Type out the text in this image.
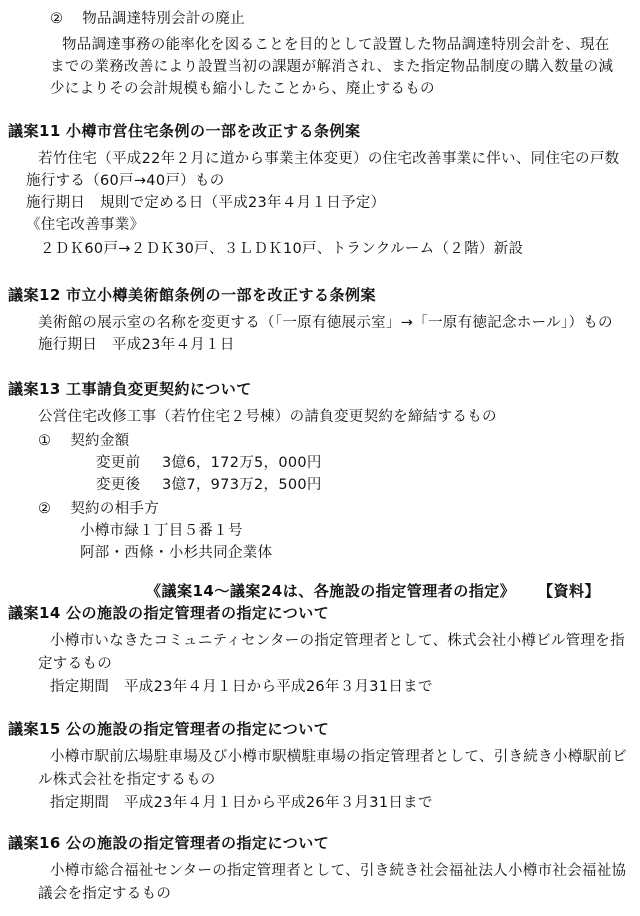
② 物品調達特別会計の廃止
物品調達事務の能率化を図ることを目的として設置した物品調達特別会計を、現在
までの業務改善により設置当初の課題が解消され、また指定物品制度の購入数量の減
少によりその会計規模も縮小したことから、廃止するもの
議案11 小樽市営住宅条例の一部を改正する条例案
若竹住宅（平成22年２月に道から事業主体変更）の住宅改善事業に伴い、同住宅の戸数
施行する（60戸→40戸）もの
施行期日　規則で定める日（平成23年４月１日予定）
《住宅改善事業》
２ＤＫ60戸→２ＤＫ30戸、３ＬＤＫ10戸、トランクルーム（２階）新設
議案12 市立小樽美術館条例の一部を改正する条例案
美術館の展示室の名称を変更する（「一原有徳展示室」→「一原有徳記念ホール」）もの
施行期日　平成23年４月１日
議案13 工事請負変更契約について
公営住宅改修工事（若竹住宅２号棟）の請負変更契約を締結するもの
① 契約金額
変更前 3億6，172万5，000円
変更後 3億7，973万2，500円
② 契約の相手方
小樽市緑１丁目５番１号
阿部・西條・小杉共同企業体
《議案14～議案24は、各施設の指定管理者の指定》 【資料】
議案14 公の施設の指定管理者の指定について
小樽市いなきたコミュニティセンターの指定管理者として、株式会社小樽ビル管理を指
定するもの
指定期間　平成23年４月１日から平成26年３月31日まで
議案15 公の施設の指定管理者の指定について
小樽市駅前広場駐車場及び小樽市駅横駐車場の指定管理者として、引き続き小樽駅前ビ
ル株式会社を指定するもの
指定期間　平成23年４月１日から平成26年３月31日まで
議案16 公の施設の指定管理者の指定について
小樽市総合福祉センターの指定管理者として、引き続き社会福祉法人小樽市社会福祉協
議会を指定するもの
